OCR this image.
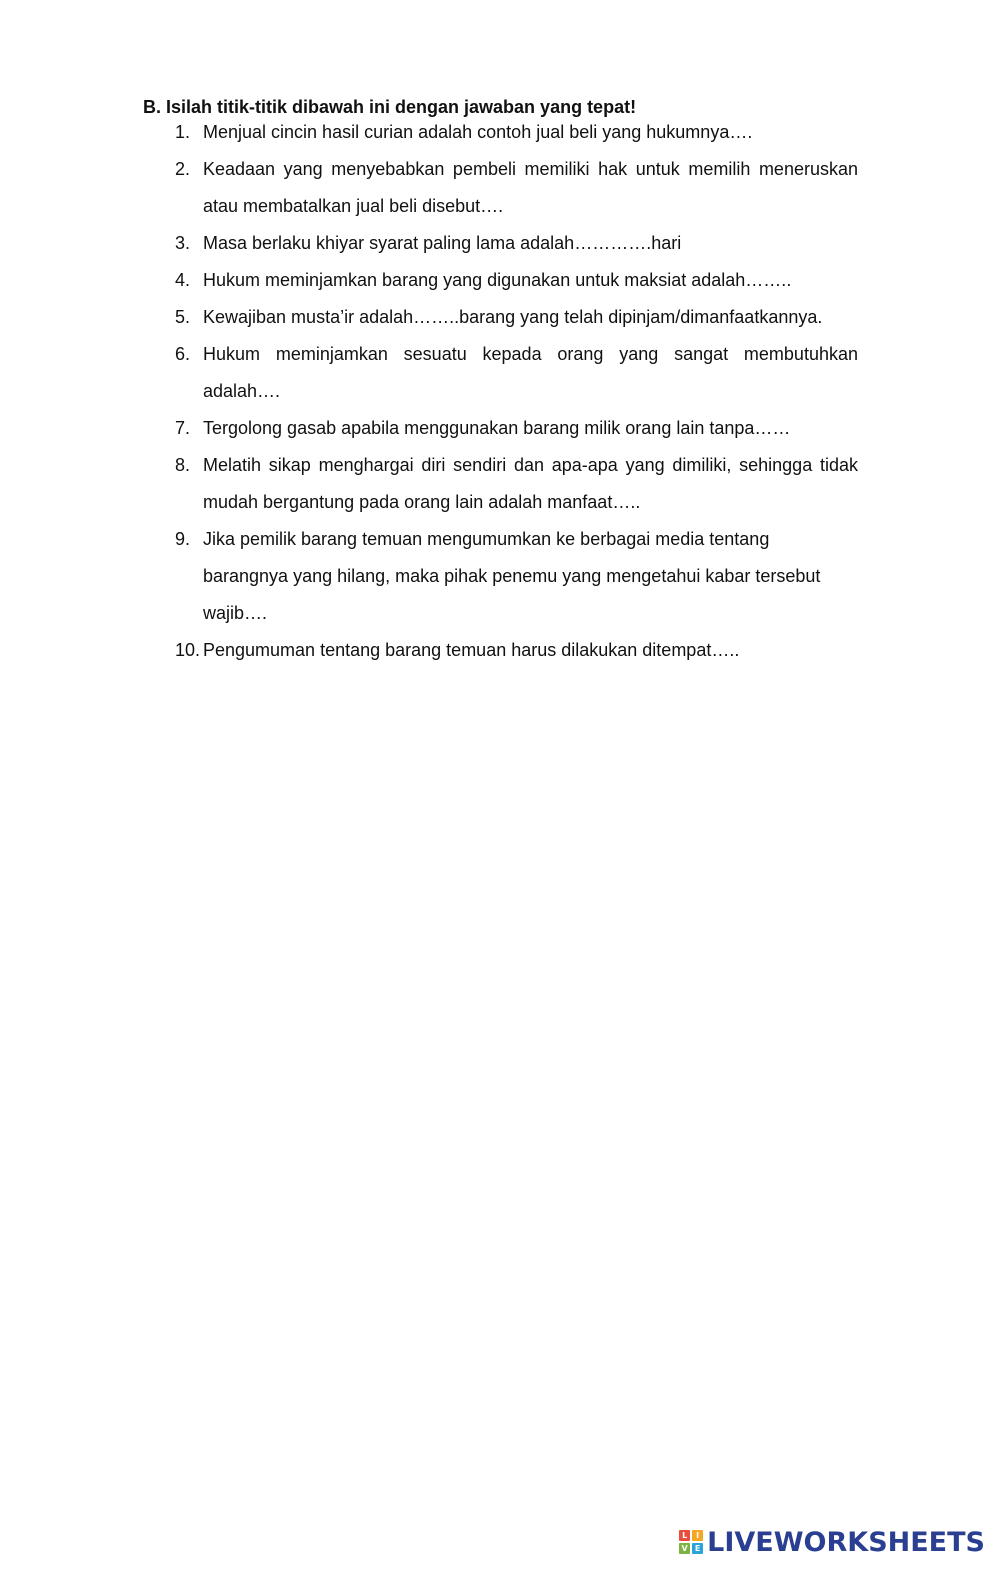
B. Isilah titik-titik dibawah ini dengan jawaban yang tepat!
1. Menjual cincin hasil curian adalah contoh jual beli yang hukumnya….
2. Keadaan yang menyebabkan pembeli memiliki hak untuk memilih meneruskan atau membatalkan jual beli disebut….
3. Masa berlaku khiyar syarat paling lama adalah………….hari
4. Hukum meminjamkan barang yang digunakan untuk maksiat adalah……..
5. Kewajiban musta’ir adalah……..barang yang telah dipinjam/dimanfaatkannya.
6. Hukum meminjamkan sesuatu kepada orang yang sangat membutuhkan adalah….
7. Tergolong gasab apabila menggunakan barang milik orang lain tanpa……
8. Melatih sikap menghargai diri sendiri dan apa-apa yang dimiliki, sehingga tidak mudah bergantung pada orang lain adalah manfaat…..
9. Jika pemilik barang temuan mengumumkan ke berbagai media tentang barangnya yang hilang, maka pihak penemu yang mengetahui kabar tersebut wajib….
10. Pengumuman tentang barang temuan harus dilakukan ditempat…..
L	I
V E LIVEWORKSHEETS
